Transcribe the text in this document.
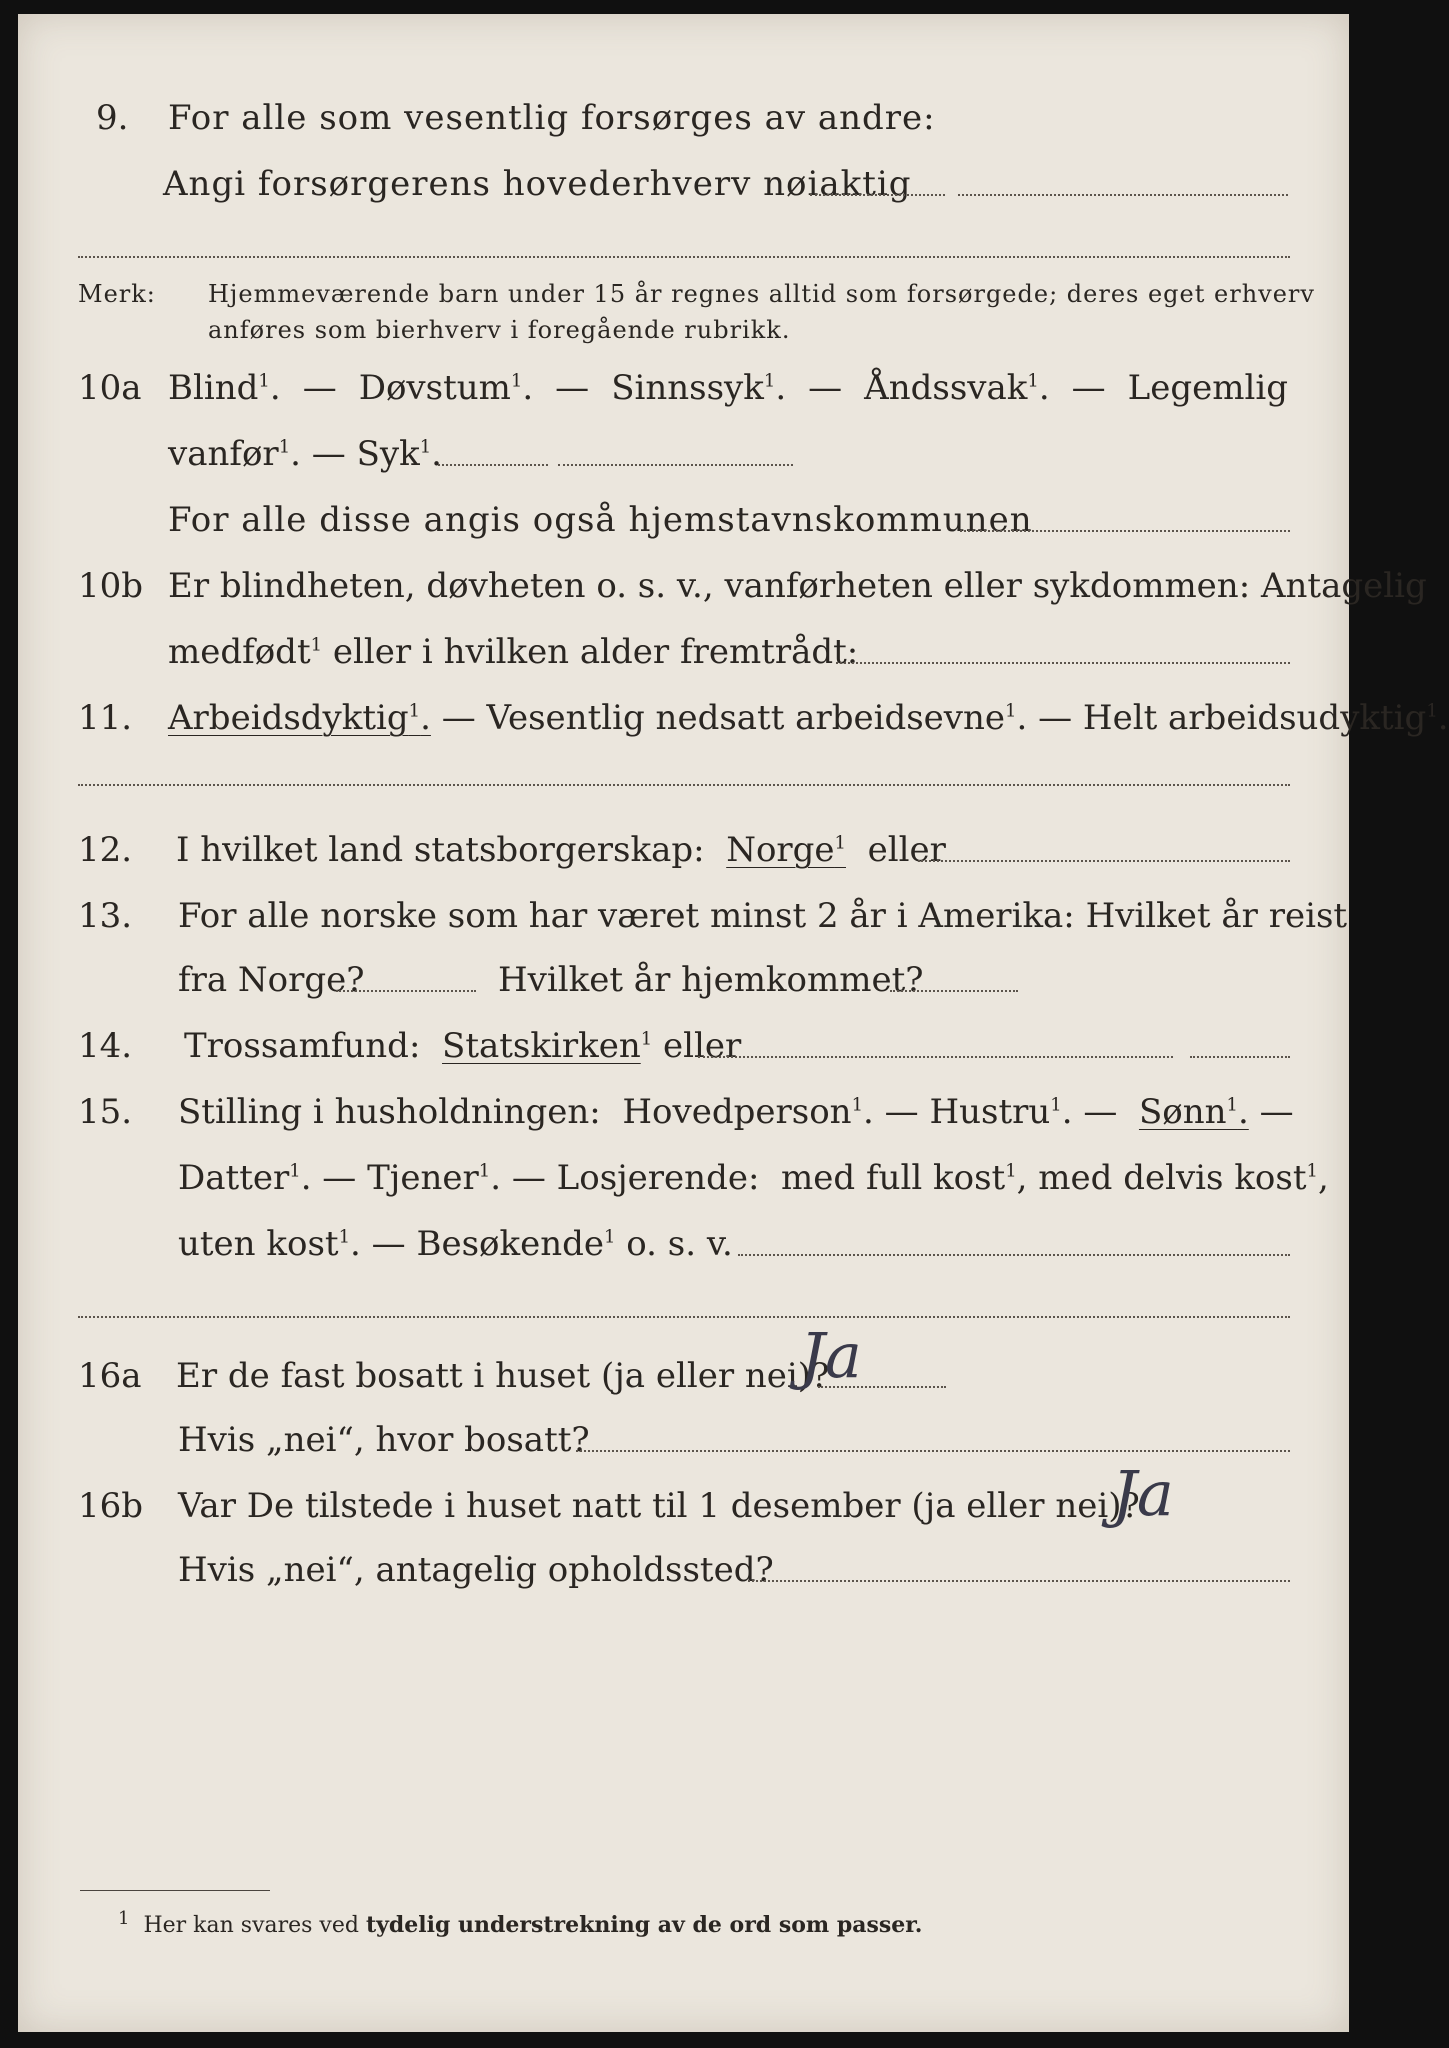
9. For alle som vesentlig forsørges av andre:
Angi forsørgerens hovederhverv nøiaktig
Merk: Hjemmeværende barn under 15 år regnes alltid som forsørgede; deres eget erhverv
anføres som bierhverv i foregående rubrikk.
10a Blind$^1$. — Døvstum$^1$. — Sinnssyk$^1$. — Åndssvak$^1$. — Legemlig
vanfør$^1$. — Syk$^1$.
For alle disse angis også hjemstavnskommunen
10b Er blindheten, døvheten o. s. v., vanførheten eller sykdommen: Antagelig
medfødt$^1$ eller i hvilken alder fremtrådt:
11. Arbeidsdyktig$^1$. — Vesentlig nedsatt arbeidsevne$^1$. — Helt arbeidsudyktig$^1$.
12. I hvilket land statsborgerskap: Norge$^1$ eller
13. For alle norske som har været minst 2 år i Amerika: Hvilket år reist
fra Norge?	Hvilket år hjemkommet?
14. Trossamfund: Statskirken$^1$ eller
15. Stilling i husholdningen: Hovedperson$^1$. — Hustru$^1$. —  Sønn$^1$. —
Datter$^1$. — Tjener$^1$. — Losjerende: med full kost$^1$, med delvis kost$^1$,
uten kost$^1$. — Besøkende$^1$ o. s. v.
16a Er de fast bosatt i huset (ja eller nei)?
Ja
Hvis „nei“, hvor bosatt?
16b Var De tilstede i huset natt til 1 desember (ja eller nei)?
Ja
Hvis „nei“, antagelig opholdssted?
$^1$ Her kan svares ved tydelig understrekning av de ord som passer.
